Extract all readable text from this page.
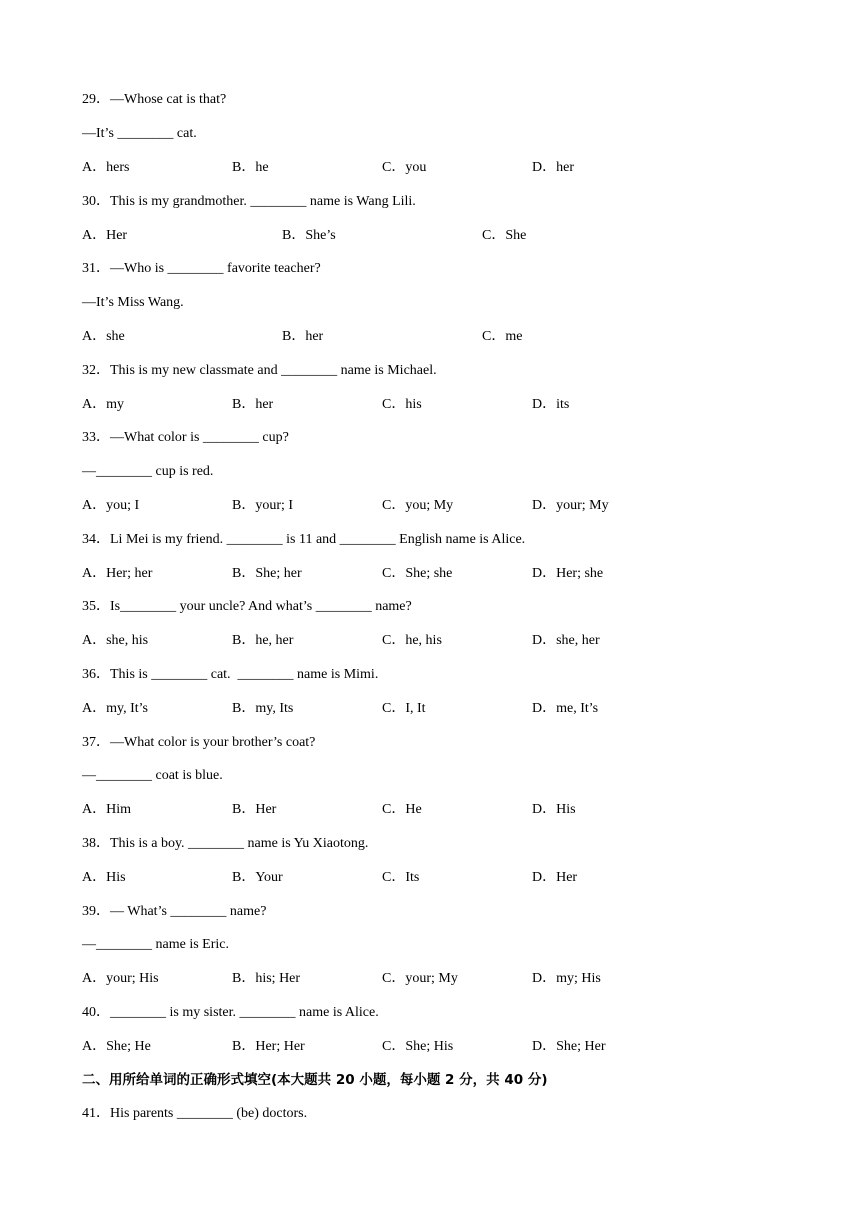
29．—Whose cat is that?
—It’s ________ cat.
A．hers	B．he	C．you	D．her
30．This is my grandmother. ________ name is Wang Lili.
A．Her	B．She’s	C．She
31．—Who is ________ favorite teacher?
—It’s Miss Wang.
A．she	B．her	C．me
32．This is my new classmate and ________ name is Michael.
A．my	B．her	C．his	D．its
33．—What color is ________ cup?
—________ cup is red.
A．you; I	B．your; I	C．you; My	D．your; My
34．Li Mei is my friend. ________ is 11 and ________ English name is Alice.
A．Her; her	B．She; her	C．She; she	D．Her; she
35．Is________ your uncle? And what’s ________ name?
A．she, his	B．he, her	C．he, his	D．she, her
36．This is ________ cat.  ________ name is Mimi.
A．my, It’s	B．my, Its	C．I, It	D．me, It’s
37．—What color is your brother’s coat?
—________ coat is blue.
A．Him	B．Her	C．He	D．His
38．This is a boy. ________ name is Yu Xiaotong.
A．His	B．Your	C．Its	D．Her
39．— What’s ________ name?
—________ name is Eric.
A．your; His	B．his; Her	C．your; My	D．my; His
40．________ is my sister. ________ name is Alice.
A．She; He	B．Her; Her	C．She; His	D．She; Her
二、用所给单词的正确形式填空(本大题共 20 小题，每小题 2 分，共 40 分)
41．His parents ________ (be) doctors.
